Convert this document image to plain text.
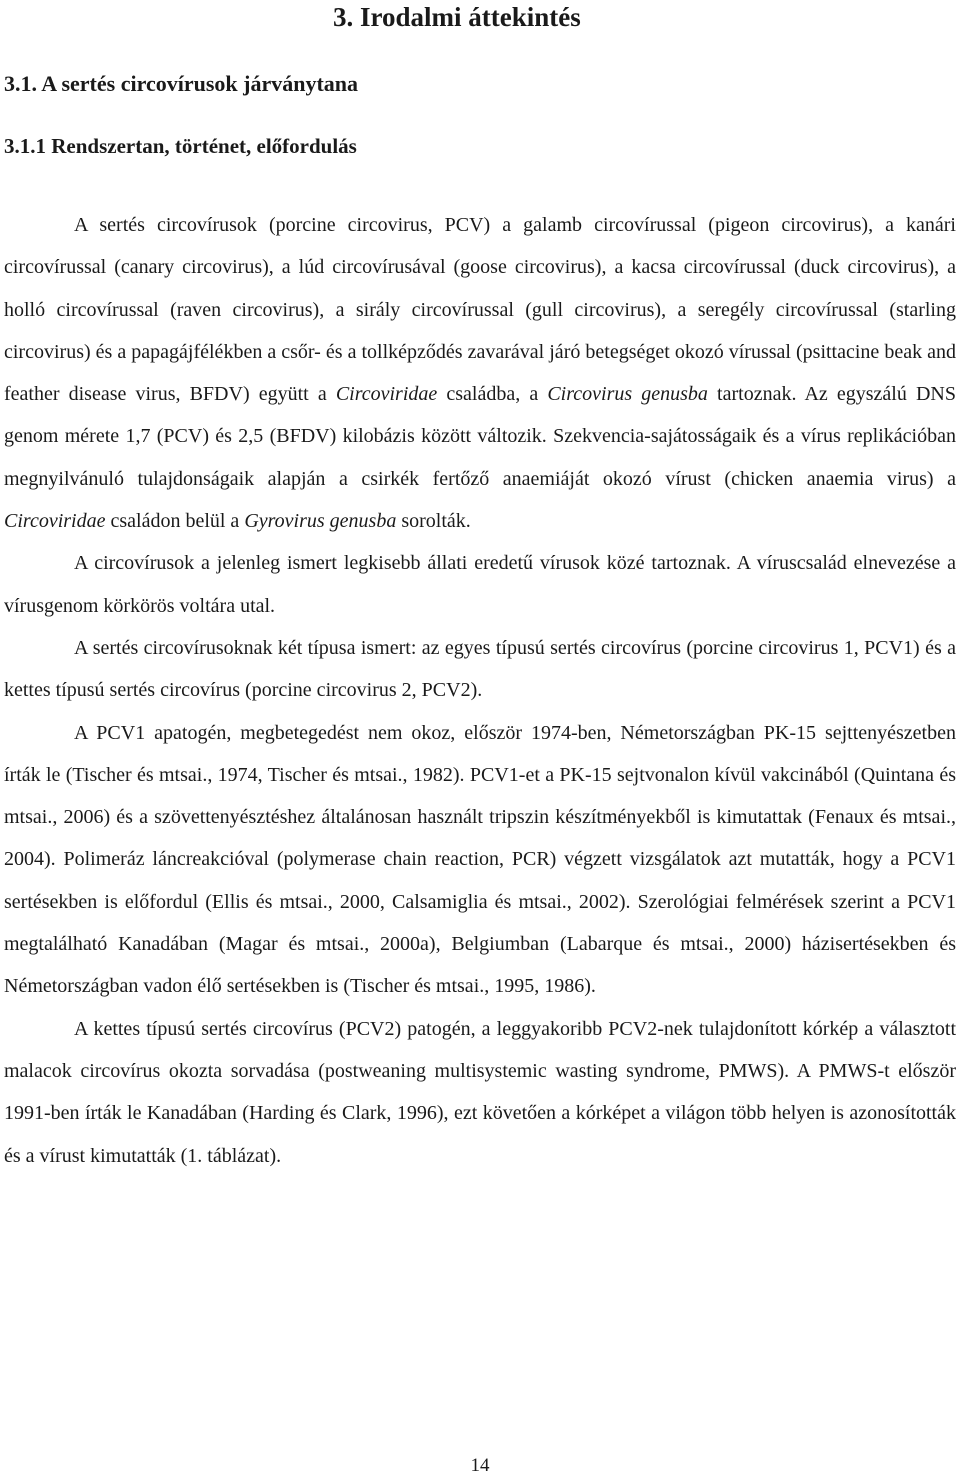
3. Irodalmi áttekintés
3.1. A sertés circovírusok járványtana
3.1.1 Rendszertan, történet, előfordulás

A sertés circovírusok (porcine circovirus, PCV) a galamb circovírussal (pigeon circovirus), a kanári circovírussal (canary circovirus), a lúd circovírusával (goose circovirus), a kacsa circovírussal (duck circovirus), a holló circovírussal (raven circovirus), a sirály circovírussal (gull circovirus), a seregély circovírussal (starling circovirus) és a papagájfélékben a csőr- és a tollképződés zavarával járó betegséget okozó vírussal (psittacine beak and feather disease virus, BFDV) együtt a Circoviridae családba, a Circovirus genusba tartoznak. Az egyszálú DNS genom mérete 1,7 (PCV) és 2,5 (BFDV) kilobázis között változik. Szekvencia-sajátosságaik és a vírus replikációban megnyilvánuló tulajdonságaik alapján a csirkék fertőző anaemiáját okozó vírust (chicken anaemia virus) a Circoviridae családon belül a Gyrovirus genusba sorolták.

A circovírusok a jelenleg ismert legkisebb állati eredetű vírusok közé tartoznak. A víruscsalád elnevezése a vírusgenom körkörös voltára utal.

A sertés circovírusoknak két típusa ismert: az egyes típusú sertés circovírus (porcine circovirus 1, PCV1) és a kettes típusú sertés circovírus (porcine circovirus 2, PCV2).

A PCV1 apatogén, megbetegedést nem okoz, először 1974-ben, Németországban PK-15 sejttenyészetben írták le (Tischer és mtsai., 1974, Tischer és mtsai., 1982). PCV1-et a PK-15 sejtvonalon kívül vakcinából (Quintana és mtsai., 2006) és a szövettenyésztéshez általánosan használt tripszin készítményekből is kimutattak (Fenaux és mtsai., 2004). Polimeráz láncreakcióval (polymerase chain reaction, PCR) végzett vizsgálatok azt mutatták, hogy a PCV1 sertésekben is előfordul (Ellis és mtsai., 2000, Calsamiglia és mtsai., 2002). Szerológiai felmérések szerint a PCV1 megtalálható Kanadában (Magar és mtsai., 2000a), Belgiumban (Labarque és mtsai., 2000) házisertésekben és Németországban vadon élő sertésekben is (Tischer és mtsai., 1995, 1986).

A kettes típusú sertés circovírus (PCV2) patogén, a leggyakoribb PCV2-nek tulajdonított kórkép a választott malacok circovírus okozta sorvadása (postweaning multisystemic wasting syndrome, PMWS). A PMWS-t először 1991-ben írták le Kanadában (Harding és Clark, 1996), ezt követően a kórképet a világon több helyen is azonosították és a vírust kimutatták (1. táblázat).

14
